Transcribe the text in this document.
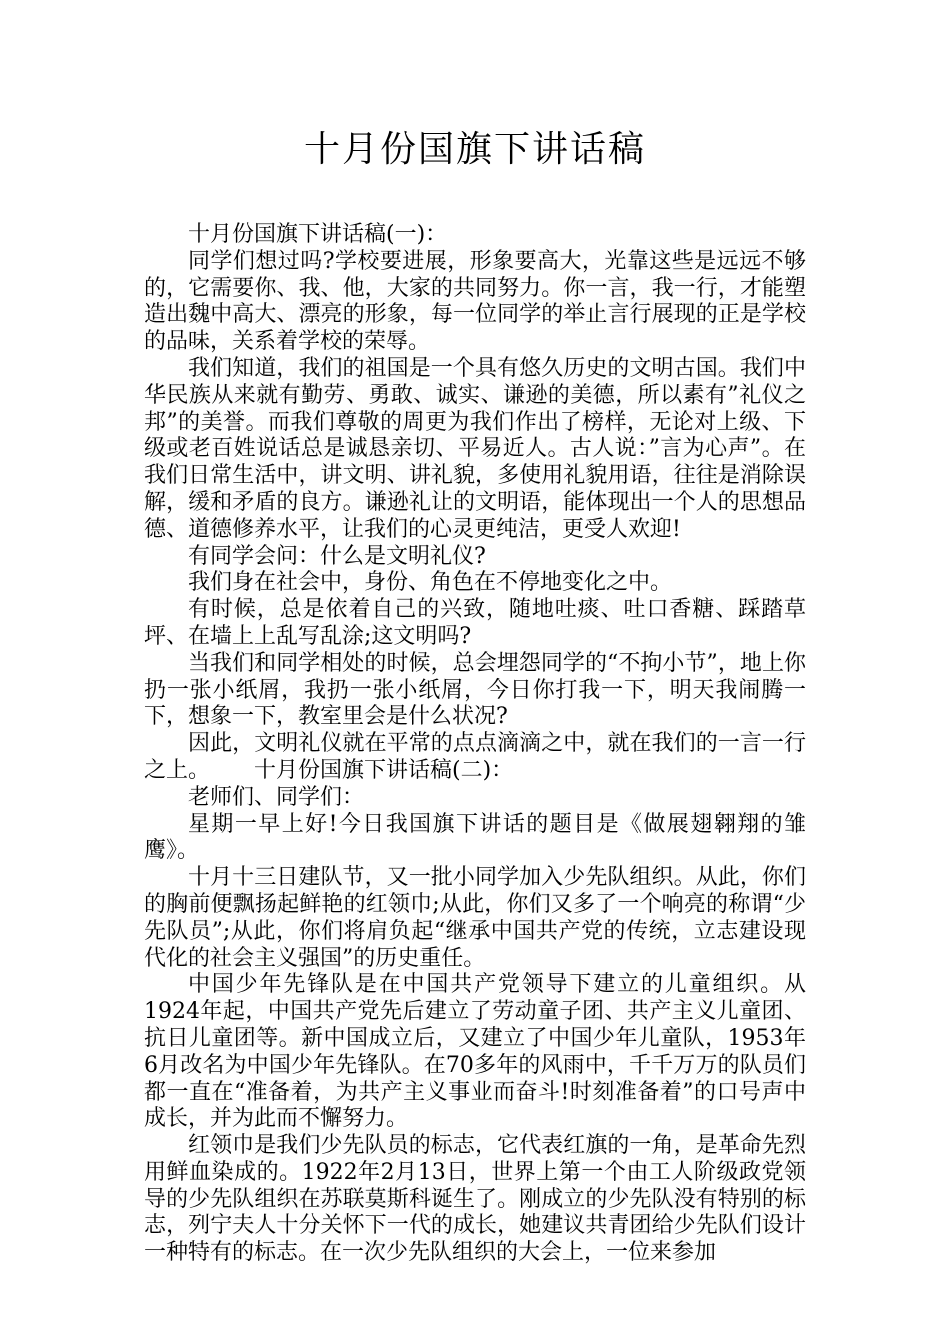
十月份国旗下讲话稿

十月份国旗下讲话稿(一)：

同学们想过吗?学校要进展，形象要高大，光靠这些是远远不够的，它需要你、我、他，大家的共同努力。你一言，我一行，才能塑造出魏中高大、漂亮的形象，每一位同学的举止言行展现的正是学校的品味，关系着学校的荣辱。

我们知道，我们的祖国是一个具有悠久历史的文明古国。我们中华民族从来就有勤劳、勇敢、诚实、谦逊的美德，所以素有”礼仪之邦”的美誉。而我们尊敬的周更为我们作出了榜样，无论对上级、下级或老百姓说话总是诚恳亲切、平易近人。古人说：”言为心声”。在我们日常生活中，讲文明、讲礼貌，多使用礼貌用语，往往是消除误解，缓和矛盾的良方。谦逊礼让的文明语，能体现出一个人的思想品德、道德修养水平，让我们的心灵更纯洁，更受人欢迎!

有同学会问：什么是文明礼仪?

我们身在社会中，身份、角色在不停地变化之中。

有时候，总是依着自己的兴致，随地吐痰、吐口香糖、踩踏草坪、在墙上上乱写乱涂;这文明吗?

当我们和同学相处的时候，总会埋怨同学的“不拘小节”，地上你扔一张小纸屑，我扔一张小纸屑，今日你打我一下，明天我闹腾一下，想象一下，教室里会是什么状况?

因此，文明礼仪就在平常的点点滴滴之中，就在我们的一言一行之上。 十月份国旗下讲话稿(二)：

老师们、同学们：

星期一早上好!今日我国旗下讲话的题目是《做展翅翱翔的雏鹰》。

十月十三日建队节，又一批小同学加入少先队组织。从此，你们的胸前便飘扬起鲜艳的红领巾;从此，你们又多了一个响亮的称谓“少先队员”;从此，你们将肩负起“继承中国共产党的传统，立志建设现代化的社会主义强国”的历史重任。

中国少年先锋队是在中国共产党领导下建立的儿童组织。从1924年起，中国共产党先后建立了劳动童子团、共产主义儿童团、抗日儿童团等。新中国成立后，又建立了中国少年儿童队，1953年6月改名为中国少年先锋队。在70多年的风雨中，千千万万的队员们都一直在“准备着，为共产主义事业而奋斗!时刻准备着”的口号声中成长，并为此而不懈努力。

红领巾是我们少先队员的标志，它代表红旗的一角，是革命先烈用鲜血染成的。1922年2月13日，世界上第一个由工人阶级政党领导的少先队组织在苏联莫斯科诞生了。刚成立的少先队没有特别的标志，列宁夫人十分关怀下一代的成长，她建议共青团给少先队们设计一种特有的标志。在一次少先队组织的大会上，一位来参加
